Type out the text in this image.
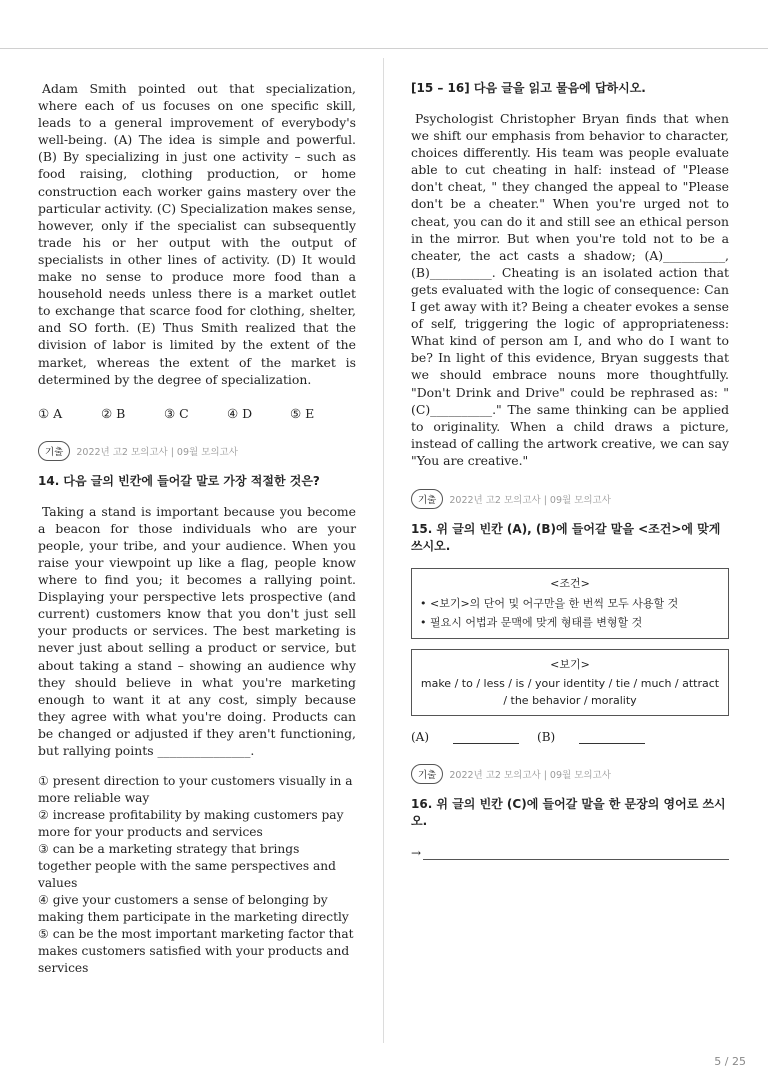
Adam Smith pointed out that specialization, where each of us focuses on one specific skill, leads to a general improvement of everybody's well-being. (A) The idea is simple and powerful. (B) By specializing in just one activity – such as food raising, clothing production, or home construction each worker gains mastery over the particular activity. (C) Specialization makes sense, however, only if the specialist can subsequently trade his or her output with the output of specialists in other lines of activity. (D) It would make no sense to produce more food than a household needs unless there is a market outlet to exchange that scarce food for clothing, shelter, and SO forth. (E) Thus Smith realized that the division of labor is limited by the extent of the market, whereas the extent of the market is determined by the degree of specialization.

① A	② B	③ C	④ D	⑤ E
기출	2022년 고2 모의고사 | 09월 모의고사
14. 다음 글의 빈칸에 들어갈 말로 가장 적절한 것은?

Taking a stand is important because you become a beacon for those individuals who are your people, your tribe, and your audience. When you raise your viewpoint up like a flag, people know where to find you; it becomes a rallying point. Displaying your perspective lets prospective (and current) customers know that you don't just sell your products or services. The best marketing is never just about selling a product or service, but about taking a stand – showing an audience why they should believe in what you're marketing enough to want it at any cost, simply because they agree with what you're doing. Products can be changed or adjusted if they aren't functioning, but rallying points _______________.

① present direction to your customers visually in a more reliable way

② increase profitability by making customers pay more for your products and services

③ can be a marketing strategy that brings together people with the same perspectives and values

④ give your customers a sense of belonging by making them participate in the marketing directly

⑤ can be the most important marketing factor that makes customers satisfied with your products and services

[15 – 16] 다음 글을 읽고 물음에 답하시오.

Psychologist Christopher Bryan finds that when we shift our emphasis from behavior to character, choices differently. His team was people evaluate able to cut cheating in half: instead of "Please don't cheat, " they changed the appeal to "Please don't be a cheater." When you're urged not to cheat, you can do it and still see an ethical person in the mirror. But when you're told not to be a cheater, the act casts a shadow; (A)__________, (B)__________. Cheating is an isolated action that gets evaluated with the logic of consequence: Can I get away with it? Being a cheater evokes a sense of self, triggering the logic of appropriateness: What kind of person am I, and who do I want to be? In light of this evidence, Bryan suggests that we should embrace nouns more thoughtfully. "Don't Drink and Drive" could be rephrased as: " (C)__________." The same thinking can be applied to originality. When a child draws a picture, instead of calling the artwork creative, we can say "You are creative."

기출	2022년 고2 모의고사 | 09월 모의고사
15. 위 글의 빈칸 (A), (B)에 들어갈 말을 <조건>에 맞게 쓰시오.
<조건>
• <보기>의 단어 및 어구만을 한 번씩 모두 사용할 것
• 필요시 어법과 문맥에 맞게 형태를 변형할 것
<보기>
make / to / less / is / your identity / tie / much / attract / the behavior / morality
(A)	(B)
기출	2022년 고2 모의고사 | 09월 모의고사
16. 위 글의 빈칸 (C)에 들어갈 말을 한 문장의 영어로 쓰시오.
→
5 / 25
